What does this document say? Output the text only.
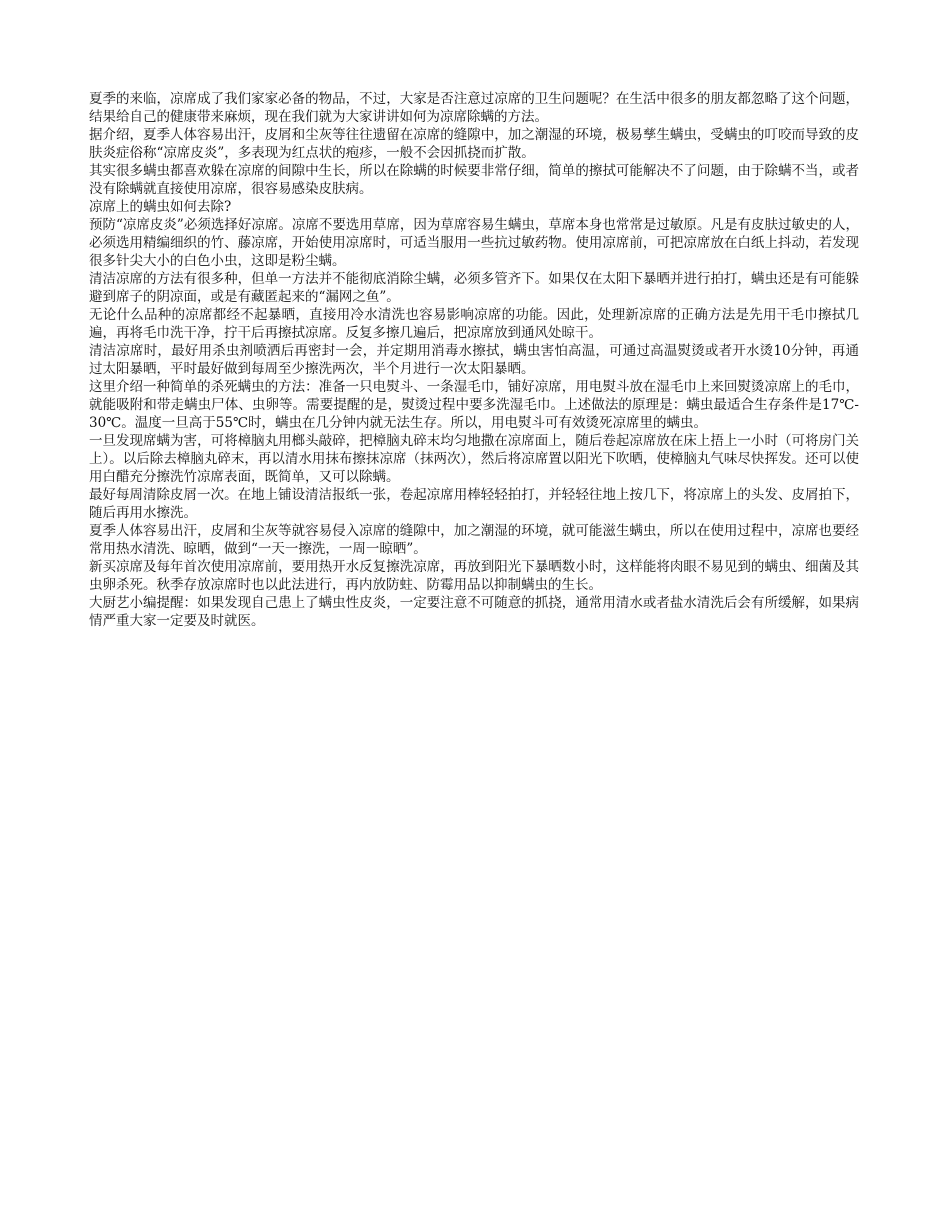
夏季的来临，凉席成了我们家家必备的物品，不过，大家是否注意过凉席的卫生问题呢？在生活中很多的朋友都忽略了这个问题，结果给自己的健康带来麻烦，现在我们就为大家讲讲如何为凉席除螨的方法。

据介绍，夏季人体容易出汗，皮屑和尘灰等往往遗留在凉席的缝隙中，加之潮湿的环境，极易孳生螨虫，受螨虫的叮咬而导致的皮肤炎症俗称“凉席皮炎”，多表现为红点状的疱疹，一般不会因抓挠而扩散。

其实很多螨虫都喜欢躲在凉席的间隙中生长，所以在除螨的时候要非常仔细，简单的擦拭可能解决不了问题，由于除螨不当，或者没有除螨就直接使用凉席，很容易感染皮肤病。

凉席上的螨虫如何去除?

预防“凉席皮炎”必须选择好凉席。凉席不要选用草席，因为草席容易生螨虫，草席本身也常常是过敏原。凡是有皮肤过敏史的人，必须选用精编细织的竹、藤凉席，开始使用凉席时，可适当服用一些抗过敏药物。使用凉席前，可把凉席放在白纸上抖动，若发现很多针尖大小的白色小虫，这即是粉尘螨。

清洁凉席的方法有很多种，但单一方法并不能彻底消除尘螨，必须多管齐下。如果仅在太阳下暴晒并进行拍打，螨虫还是有可能躲避到席子的阴凉面，或是有藏匿起来的“漏网之鱼”。

无论什么品种的凉席都经不起暴晒，直接用冷水清洗也容易影响凉席的功能。因此，处理新凉席的正确方法是先用干毛巾擦拭几遍，再将毛巾洗干净，拧干后再擦拭凉席。反复多擦几遍后，把凉席放到通风处晾干。

清洁凉席时，最好用杀虫剂喷洒后再密封一会，并定期用消毒水擦拭，螨虫害怕高温，可通过高温熨烫或者开水烫10分钟，再通过太阳暴晒，平时最好做到每周至少擦洗两次，半个月进行一次太阳暴晒。

这里介绍一种简单的杀死螨虫的方法：准备一只电熨斗、一条湿毛巾，铺好凉席，用电熨斗放在湿毛巾上来回熨烫凉席上的毛巾，就能吸附和带走螨虫尸体、虫卵等。需要提醒的是，熨烫过程中要多洗湿毛巾。上述做法的原理是：螨虫最适合生存条件是17℃-30℃。温度一旦高于55℃时，螨虫在几分钟内就无法生存。所以，用电熨斗可有效烫死凉席里的螨虫。

一旦发现席螨为害，可将樟脑丸用榔头敲碎，把樟脑丸碎末均匀地撒在凉席面上，随后卷起凉席放在床上捂上一小时（可将房门关上）。以后除去樟脑丸碎末，再以清水用抹布擦抹凉席（抹两次），然后将凉席置以阳光下吹晒，使樟脑丸气味尽快挥发。还可以使用白醋充分擦洗竹凉席表面，既简单，又可以除螨。

最好每周清除皮屑一次。在地上铺设清洁报纸一张，卷起凉席用棒轻轻拍打，并轻轻往地上按几下，将凉席上的头发、皮屑拍下，随后再用水擦洗。

夏季人体容易出汗，皮屑和尘灰等就容易侵入凉席的缝隙中，加之潮湿的环境，就可能滋生螨虫，所以在使用过程中，凉席也要经常用热水清洗、晾晒，做到“一天一擦洗，一周一晾晒”。

新买凉席及每年首次使用凉席前，要用热开水反复擦洗凉席，再放到阳光下暴晒数小时，这样能将肉眼不易见到的螨虫、细菌及其虫卵杀死。秋季存放凉席时也以此法进行，再内放防蛀、防霉用品以抑制螨虫的生长。

大厨艺小编提醒：如果发现自己患上了螨虫性皮炎，一定要注意不可随意的抓挠，通常用清水或者盐水清洗后会有所缓解，如果病情严重大家一定要及时就医。
